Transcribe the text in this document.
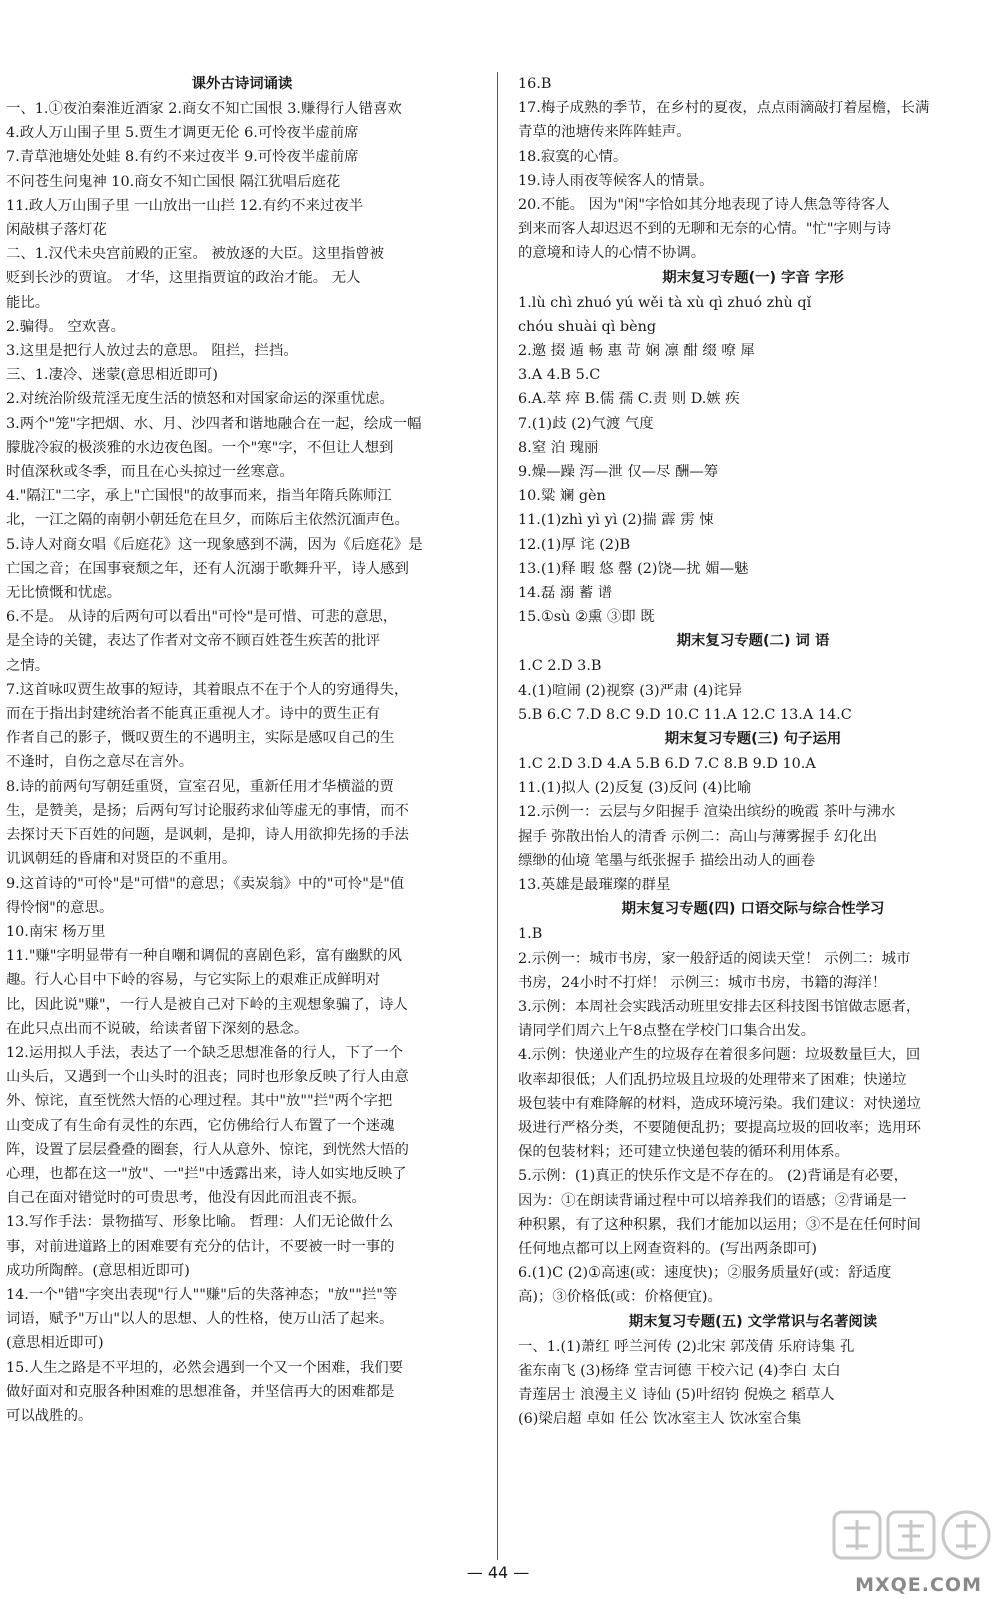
课外古诗词诵读
一、1.①夜泊秦淮近酒家 2.商女不知亡国恨 3.赚得行人错喜欢
4.政人万山围子里 5.贾生才调更无伦 6.可怜夜半虚前席
7.青草池塘处处蛙 8.有约不来过夜半 9.可怜夜半虚前席
不问苍生问鬼神 10.商女不知亡国恨 隔江犹唱后庭花
11.政人万山围子里 一山放出一山拦 12.有约不来过夜半
闲敲棋子落灯花
二、1.汉代未央宫前殿的正室。 被放逐的大臣。这里指曾被
贬到长沙的贾谊。 才华，这里指贾谊的政治才能。 无人
能比。
2.骗得。 空欢喜。
3.这里是把行人放过去的意思。 阻拦，拦挡。
三、1.凄冷、迷蒙(意思相近即可)
2.对统治阶级荒淫无度生活的愤怒和对国家命运的深重忧虑。
3.两个"笼"字把烟、水、月、沙四者和谐地融合在一起，绘成一幅
朦胧冷寂的极淡雅的水边夜色图。一个"寒"字，不但让人想到
时值深秋或冬季，而且在心头掠过一丝寒意。
4."隔江"二字，承上"亡国恨"的故事而来，指当年隋兵陈师江
北，一江之隔的南朝小朝廷危在旦夕，而陈后主依然沉湎声色。
5.诗人对商女唱《后庭花》这一现象感到不满，因为《后庭花》是
亡国之音；在国事衰颓之年，还有人沉溺于歌舞升平，诗人感到
无比愤慨和忧虑。
6.不是。 从诗的后两句可以看出"可怜"是可惜、可悲的意思，
是全诗的关键，表达了作者对文帝不顾百姓苍生疾苦的批评
之情。
7.这首咏叹贾生故事的短诗，其着眼点不在于个人的穷通得失，
而在于指出封建统治者不能真正重视人才。诗中的贾生正有
作者自己的影子，慨叹贾生的不遇明主，实际是感叹自己的生
不逢时，自伤之意尽在言外。
8.诗的前两句写朝廷重贤，宣室召见，重新任用才华横溢的贾
生，是赞美，是扬；后两句写讨论服药求仙等虚无的事情，而不
去探讨天下百姓的问题，是讽刺，是抑，诗人用欲抑先扬的手法
讥讽朝廷的昏庸和对贤臣的不重用。
9.这首诗的"可怜"是"可惜"的意思；《卖炭翁》中的"可怜"是"值
得怜悯"的意思。
10.南宋 杨万里
11."赚"字明显带有一种自嘲和调侃的喜剧色彩，富有幽默的风
趣。行人心目中下岭的容易，与它实际上的艰难正成鲜明对
比，因此说"赚"，一行人是被自己对下岭的主观想象骗了，诗人
在此只点出而不说破，给读者留下深刻的悬念。
12.运用拟人手法，表达了一个缺乏思想准备的行人，下了一个
山头后，又遇到一个山头时的沮丧；同时也形象反映了行人由意
外、惊诧，直至恍然大悟的心理过程。其中"放""拦"两个字把
山变成了有生命有灵性的东西，它仿佛给行人布置了一个迷魂
阵，设置了层层叠叠的圈套，行人从意外、惊诧，到恍然大悟的
心理，也都在这一"放"、一"拦"中透露出来，诗人如实地反映了
自己在面对错觉时的可贵思考，他没有因此而沮丧不振。
13.写作手法：景物描写、形象比喻。 哲理：人们无论做什么
事，对前进道路上的困难要有充分的估计，不要被一时一事的
成功所陶醉。(意思相近即可)
14.一个"错"字突出表现"行人""赚"后的失落神态；"放""拦"等
词语，赋予"万山"以人的思想、人的性格，使万山活了起来。
(意思相近即可)
15.人生之路是不平坦的，必然会遇到一个又一个困难，我们要
做好面对和克服各种困难的思想准备，并坚信再大的困难都是
可以战胜的。
16.B
17.梅子成熟的季节，在乡村的夏夜，点点雨滴敲打着屋檐，长满
青草的池塘传来阵阵蛙声。
18.寂寞的心情。
19.诗人雨夜等候客人的情景。
20.不能。 因为"闲"字恰如其分地表现了诗人焦急等待客人
到来而客人却迟迟不到的无聊和无奈的心情。"忙"字则与诗
的意境和诗人的心情不协调。
期末复习专题(一) 字音 字形
1.lù chì zhuó yú wěi tà xù qì zhuó zhù qǐ
chóu shuài qì bèng
2.邀 掇 遁 畅 惠 苛 娴 凛 酣 缀 嘹 犀
3.A 4.B 5.C
6.A.萃 瘁 B.儒 孺 C.责 则 D.嫉 疾
7.(1)歧 (2)气渡 气度
8.窒 泊 瑰丽
9.燥—躁 泻—泄 仅—尽 酬—筹
10.粱 斓 gèn
11.(1)zhì yì yì (2)揣 霹 雳 悚
12.(1)厚 诧 (2)B
13.(1)释 暇 悠 罄 (2)饶—扰 媚—魅
14.磊 溺 蓄 谱
15.①sù ②熏 ③即 既
期末复习专题(二) 词 语
1.C 2.D 3.B
4.(1)喧闹 (2)视察 (3)严肃 (4)诧异
5.B 6.C 7.D 8.C 9.D 10.C 11.A 12.C 13.A 14.C
期末复习专题(三) 句子运用
1.C 2.D 3.D 4.A 5.B 6.D 7.C 8.B 9.D 10.A
11.(1)拟人 (2)反复 (3)反问 (4)比喻
12.示例一：云层与夕阳握手 渲染出缤纷的晚霞 茶叶与沸水
握手 弥散出怡人的清香 示例二：高山与薄雾握手 幻化出
缥缈的仙境 笔墨与纸张握手 描绘出动人的画卷
13.英雄是最璀璨的群星
期末复习专题(四) 口语交际与综合性学习
1.B
2.示例一：城市书房，家一般舒适的阅读天堂！ 示例二：城市
书房，24小时不打烊！ 示例三：城市书房，书籍的海洋！
3.示例：本周社会实践活动班里安排去区科技图书馆做志愿者，
请同学们周六上午8点整在学校门口集合出发。
4.示例：快递业产生的垃圾存在着很多问题：垃圾数量巨大，回
收率却很低；人们乱扔垃圾且垃圾的处理带来了困难；快递垃
圾包装中有难降解的材料，造成环境污染。我们建议：对快递垃
圾进行严格分类，不要随便乱扔；要提高垃圾的回收率；选用环
保的包装材料；还可建立快递包装的循环利用体系。
5.示例：(1)真正的快乐作文是不存在的。 (2)背诵是有必要，
因为：①在朗读背诵过程中可以培养我们的语感；②背诵是一
种积累，有了这种积累，我们才能加以运用；③不是在任何时间
任何地点都可以上网查资料的。(写出两条即可)
6.(1)C (2)①高速(或：速度快)；②服务质量好(或：舒适度
高)；③价格低(或：价格便宜)。
期末复习专题(五) 文学常识与名著阅读
一、1.(1)萧红 呼兰河传 (2)北宋 郭茂倩 乐府诗集 孔
雀东南飞 (3)杨绛 堂吉诃德 干校六记 (4)李白 太白
青莲居士 浪漫主义 诗仙 (5)叶绍钧 倪焕之 稻草人
(6)梁启超 卓如 任公 饮冰室主人 饮冰室合集
— 44 —
MXQE.COM
